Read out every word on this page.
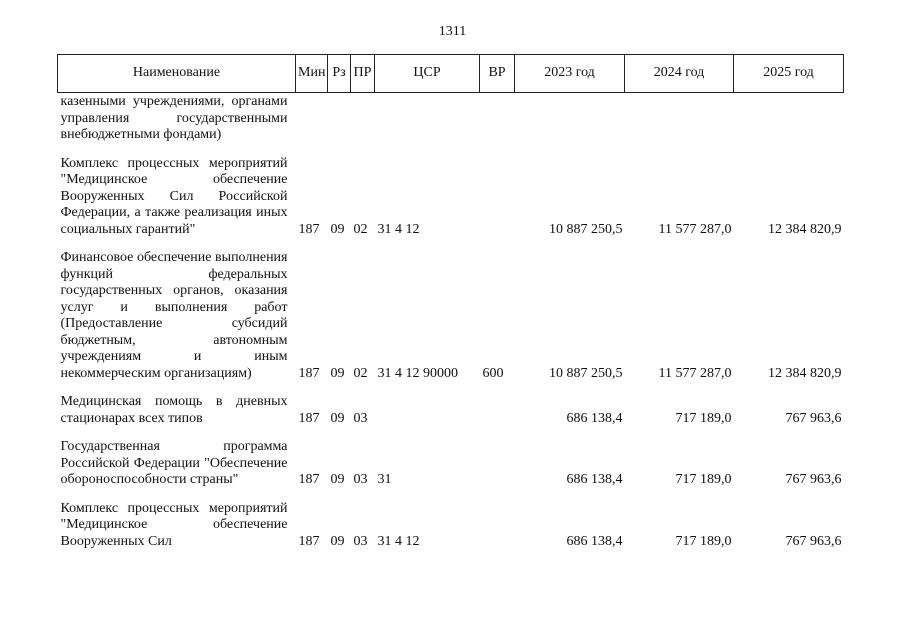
1311
Наименование	Мин	Рз	ПР	ЦСР	ВР	2023 год	2024 год	2025 год
казенными учреждениями, органами управления государственными внебюджетными фондами)								
Комплекс процессных мероприятий "Медицинское обеспечение Вооруженных Сил Российской Федерации, а также реализация иных социальных гарантий"	187	09	02	31 4 12		10 887 250,5	11 577 287,0	12 384 820,9
Финансовое обеспечение выполнения функций федеральных государственных органов, оказания услуг и выполнения работ (Предоставление субсидий бюджетным, автономным учреждениям и иным некоммерческим организациям)	187	09	02	31 4 12 90000	600	10 887 250,5	11 577 287,0	12 384 820,9
Медицинская помощь в дневных стационарах всех типов	187	09	03			686 138,4	717 189,0	767 963,6
Государственная программа Российской Федерации "Обеспечение обороноспособности страны"	187	09	03	31		686 138,4	717 189,0	767 963,6
Комплекс процессных мероприятий "Медицинское обеспечение Вооруженных Сил	187	09	03	31 4 12		686 138,4	717 189,0	767 963,6
